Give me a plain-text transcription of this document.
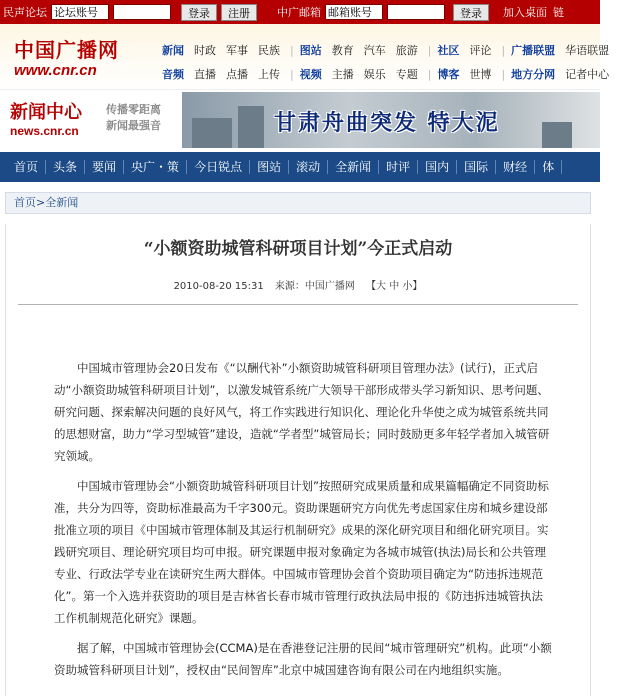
民声论坛
论坛账号	登录	注册	中广邮箱
邮箱账号	登录	加入桌面 链
中国广播网
www.cnr.cn
新闻 时政 军事 民族 | 图站 教育 汽车 旅游 | 社区 评论 | 广播联盟 华语联盟
音频 直播 点播 上传 | 视频 主播 娱乐 专题 | 博客 世博 | 地方分网 记者中心
新闻中心
news.cnr.cn
传播零距离
新闻最强音	甘肃舟曲突发 特大泥
首页	头条	要闻	央广・策	今日锐点	图站	滚动	全新闻	时评	国内	国际	财经	体
首页>全新闻
“小额资助城管科研项目计划”今正式启动
2010-08-20 15:31 来源：中国广播网 【大 中 小】

中国城市管理协会20日发布《“以酬代补”小额资助城管科研项目管理办法》(试行)，正式启动“小额资助城管科研项目计划”，以激发城管系统广大领导干部形成带头学习新知识、思考问题、研究问题、探索解决问题的良好风气，将工作实践进行知识化、理论化升华使之成为城管系统共同的思想财富，助力“学习型城管”建设，造就“学者型”城管局长；同时鼓励更多年轻学者加入城管研究领域。

中国城市管理协会“小额资助城管科研项目计划”按照研究成果质量和成果篇幅确定不同资助标准，共分为四等，资助标准最高为千字300元。资助课题研究方向优先考虑国家住房和城乡建设部批准立项的项目《中国城市管理体制及其运行机制研究》成果的深化研究项目和细化研究项目。实践研究项目、理论研究项目均可申报。研究课题申报对象确定为各城市城管(执法)局长和公共管理专业、行政法学专业在读研究生两大群体。中国城市管理协会首个资助项目确定为“防违拆违规范化”。第一个入选并获资助的项目是吉林省长春市城市管理行政执法局申报的《防违拆违城管执法工作机制规范化研究》课题。

据了解，中国城市管理协会(CCMA)是在香港登记注册的民间“城市管理研究”机构。此项“小额资助城管科研项目计划”，授权由“民间智库”北京中城国建咨询有限公司在内地组织实施。
